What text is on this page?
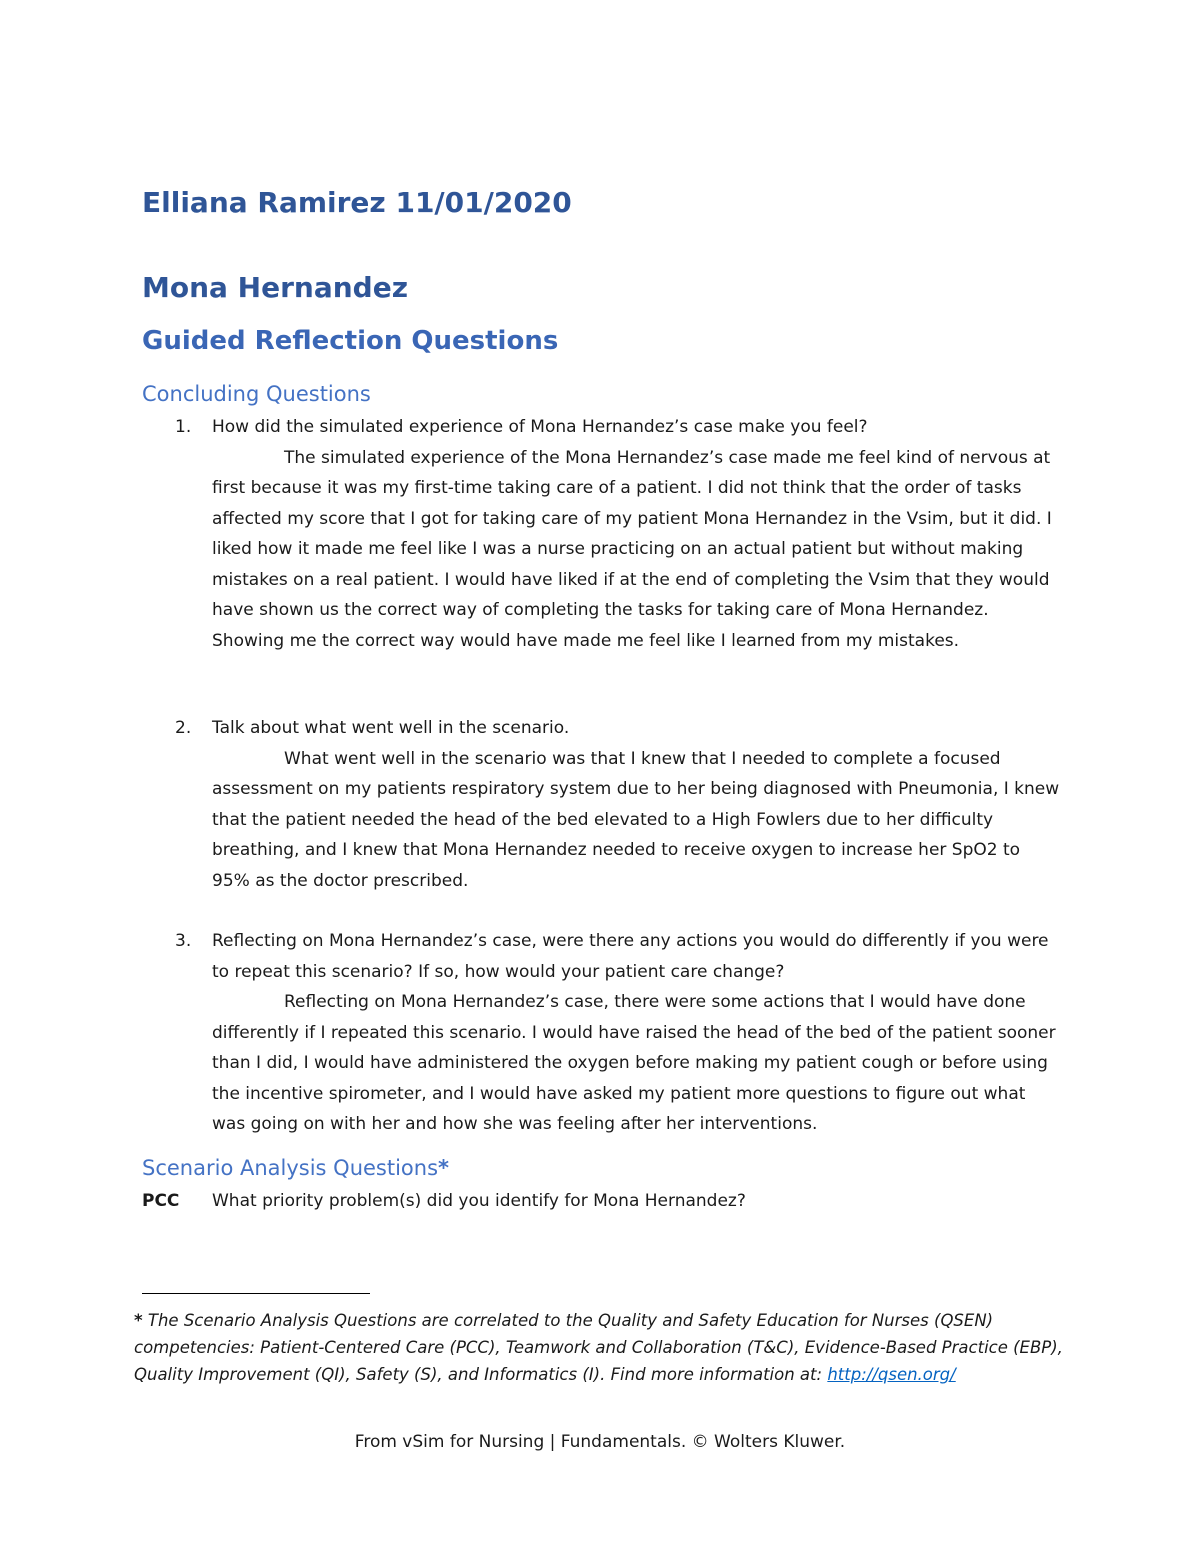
Elliana Ramirez 11/01/2020
Mona Hernandez
Guided Reflection Questions
Concluding Questions
1. How did the simulated experience of Mona Hernandez’s case make you feel?

The simulated experience of the Mona Hernandez’s case made me feel kind of nervous at first because it was my first-time taking care of a patient. I did not think that the order of tasks affected my score that I got for taking care of my patient Mona Hernandez in the Vsim, but it did. I liked how it made me feel like I was a nurse practicing on an actual patient but without making mistakes on a real patient. I would have liked if at the end of completing the Vsim that they would have shown us the correct way of completing the tasks for taking care of Mona Hernandez. Showing me the correct way would have made me feel like I learned from my mistakes.

2. Talk about what went well in the scenario.

What went well in the scenario was that I knew that I needed to complete a focused assessment on my patients respiratory system due to her being diagnosed with Pneumonia, I knew that the patient needed the head of the bed elevated to a High Fowlers due to her difficulty breathing, and I knew that Mona Hernandez needed to receive oxygen to increase her SpO2 to 95% as the doctor prescribed.

3. Reflecting on Mona Hernandez’s case, were there any actions you would do differently if you were to repeat this scenario? If so, how would your patient care change?

Reflecting on Mona Hernandez’s case, there were some actions that I would have done differently if I repeated this scenario. I would have raised the head of the bed of the patient sooner than I did, I would have administered the oxygen before making my patient cough or before using the incentive spirometer, and I would have asked my patient more questions to figure out what was going on with her and how she was feeling after her interventions.

Scenario Analysis Questions*
PCC What priority problem(s) did you identify for Mona Hernandez?
* The Scenario Analysis Questions are correlated to the Quality and Safety Education for Nurses (QSEN) competencies: Patient-Centered Care (PCC), Teamwork and Collaboration (T&C), Evidence-Based Practice (EBP), Quality Improvement (QI), Safety (S), and Informatics (I). Find more information at: http://qsen.org/
From vSim for Nursing | Fundamentals. © Wolters Kluwer.
